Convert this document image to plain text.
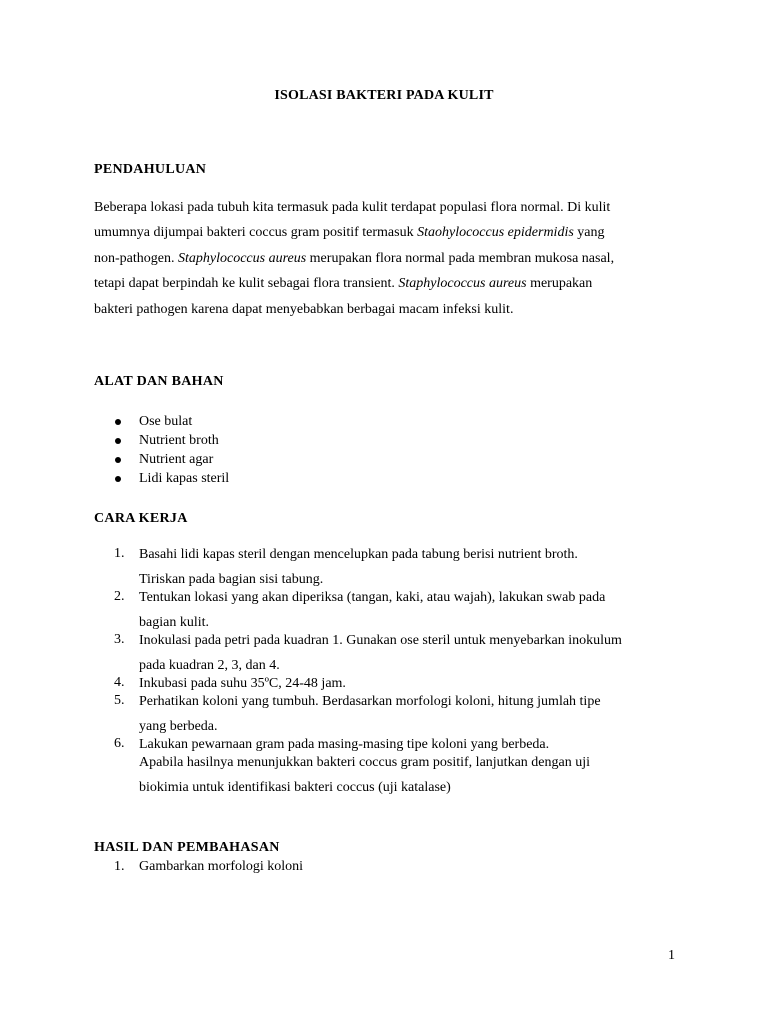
ISOLASI BAKTERI PADA KULIT
PENDAHULUAN
Beberapa lokasi pada tubuh kita termasuk pada kulit terdapat populasi flora normal. Di kulit
umumnya dijumpai bakteri coccus gram positif termasuk Staohylococcus epidermidis yang
non-pathogen. Staphylococcus aureus merupakan flora normal pada membran mukosa nasal,
tetapi dapat berpindah ke kulit sebagai flora transient. Staphylococcus aureus merupakan
bakteri pathogen karena dapat menyebabkan berbagai macam infeksi kulit.
ALAT DAN BAHAN
Ose bulat
Nutrient broth
Nutrient agar
Lidi kapas steril
CARA KERJA
1. Basahi lidi kapas steril dengan mencelupkan pada tabung berisi nutrient broth.
Tiriskan pada bagian sisi tabung.
2. Tentukan lokasi yang akan diperiksa (tangan, kaki, atau wajah), lakukan swab pada
bagian kulit.
3. Inokulasi pada petri pada kuadran 1. Gunakan ose steril untuk menyebarkan inokulum
pada kuadran 2, 3, dan 4.
4. Inkubasi pada suhu 35ºC, 24-48 jam.
5. Perhatikan koloni yang tumbuh. Berdasarkan morfologi koloni, hitung jumlah tipe
yang berbeda.
6. Lakukan pewarnaan gram pada masing-masing tipe koloni yang berbeda.
Apabila hasilnya menunjukkan bakteri coccus gram positif, lanjutkan dengan uji
biokimia untuk identifikasi bakteri coccus (uji katalase)
HASIL DAN PEMBAHASAN
1. Gambarkan morfologi koloni
1
